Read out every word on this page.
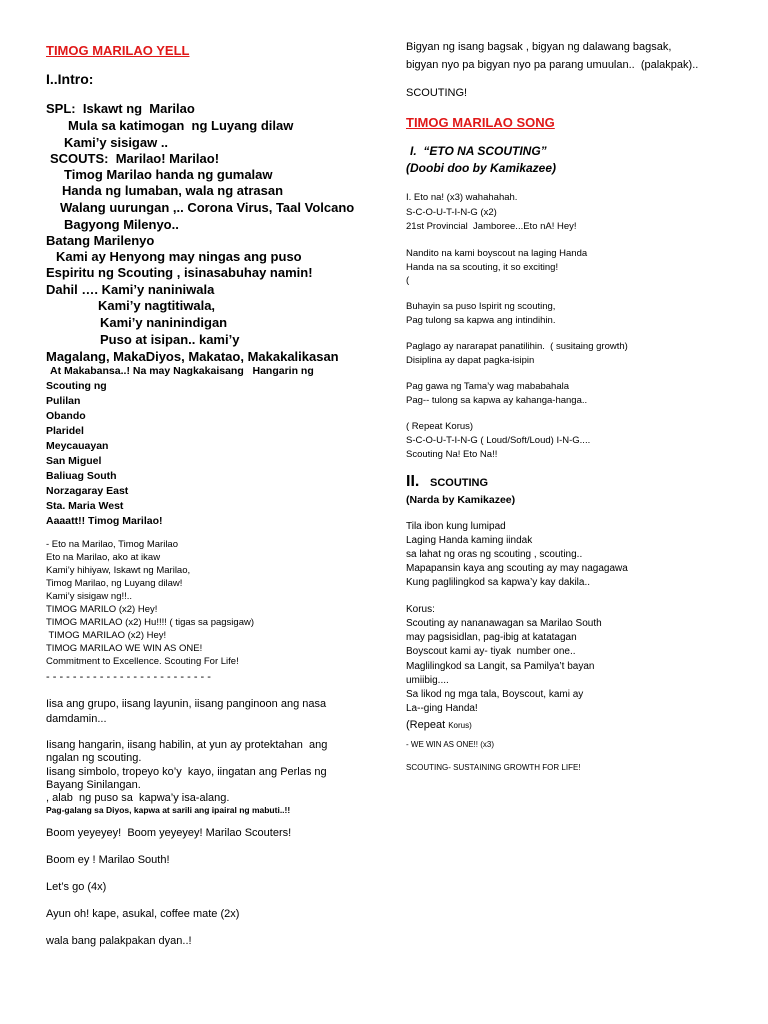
TIMOG MARILAO YELL
I..Intro:
SPL:  Iskawt ng  Marilao
Mula sa katimogan  ng Luyang dilaw
Kami’y sisigaw ..
SCOUTS:  Marilao! Marilao!
Timog Marilao handa ng gumalaw
Handa ng lumaban, wala ng atrasan
Walang uurungan ,.. Corona Virus, Taal Volcano
Bagyong Milenyo..
Batang Marilenyo
Kami ay Henyong may ningas ang puso
Espiritu ng Scouting , isinasabuhay namin!
Dahil …. Kami’y naniniwala
Kami’y nagtitiwala,
Kami’y naninindigan
Puso at isipan.. kami’y
Magalang, MakaDiyos, Makatao, Makakalikasan
At Makabansa..! Na may Nagkakaisang   Hangarin ng
Scouting ng
Pulilan
Obando
Plaridel
Meycauayan
San Miguel
Baliuag South
Norzagaray East
Sta. Maria West
Aaaatt!! Timog Marilao!
- Eto na Marilao, Timog Marilao
Eto na Marilao, ako at ikaw
Kami’y hihiyaw, Iskawt ng Marilao,
Timog Marilao, ng Luyang dilaw!
Kami’y sisigaw ng!!..
TIMOG MARILO (x2) Hey!
TIMOG MARILAO (x2) Hu!!!! ( tigas sa pagsigaw)
TIMOG MARILAO (x2) Hey!
TIMOG MARILAO WE WIN AS ONE!
Commitment to Excellence. Scouting For Life!
- - - - - - - - - - - - - - - - - - - - - - - - -
Iisa ang grupo, iisang layunin, iisang panginoon ang nasa
damdamin...
Iisang hangarin, iisang habilin, at yun ay protektahan  ang
ngalan ng scouting.
Iisang simbolo, tropeyo ko’y  kayo, iingatan ang Perlas ng
Bayang Sinilangan.
, alab  ng puso sa  kapwa’y isa-alang.
Pag-galang sa Diyos, kapwa at sarili ang ipairal ng mabuti..!!
Boom yeyeyey!  Boom yeyeyey! Marilao Scouters!
Boom ey ! Marilao South!
Let’s go (4x)
Ayun oh! kape, asukal, coffee mate (2x)
wala bang palakpakan dyan..!
Bigyan ng isang bagsak , bigyan ng dalawang bagsak,
bigyan nyo pa bigyan nyo pa parang umuulan..  (palakpak)..
SCOUTING!
TIMOG MARILAO SONG
I.  “ETO NA SCOUTING”
(Doobi doo by Kamikazee)
I. Eto na! (x3) wahahahah.
S-C-O-U-T-I-N-G (x2)
21st Provincial  Jamboree...Eto nA! Hey!
Nandito na kami boyscout na laging Handa
Handa na sa scouting, it so exciting!
(
Buhayin sa puso Ispirit ng scouting,
Pag tulong sa kapwa ang intindihin.
Paglago ay nararapat panatilihin.  ( susitaing growth)
Disiplina ay dapat pagka-isipin
Pag gawa ng Tama’y wag mababahala
Pag-- tulong sa kapwa ay kahanga-hanga..
( Repeat Korus)
S-C-O-U-T-I-N-G ( Loud/Soft/Loud) I-N-G....
Scouting Na! Eto Na!!
II. SCOUTING
(Narda by Kamikazee)
Tila ibon kung lumipad
Laging Handa kaming iindak
sa lahat ng oras ng scouting , scouting..
Mapapansin kaya ang scouting ay may nagagawa
Kung paglilingkod sa kapwa’y kay dakila..
Korus:
Scouting ay nananawagan sa Marilao South
may pagsisidlan, pag-ibig at katatagan
Boyscout kami ay- tiyak  number one..
Maglilingkod sa Langit, sa Pamilya’t bayan
umiibig....
Sa likod ng mga tala, Boyscout, kami ay
La--ging Handa!
(Repeat Korus)
- WE WIN AS ONE!! (x3)
SCOUTING- SUSTAINING GROWTH FOR LIFE!
